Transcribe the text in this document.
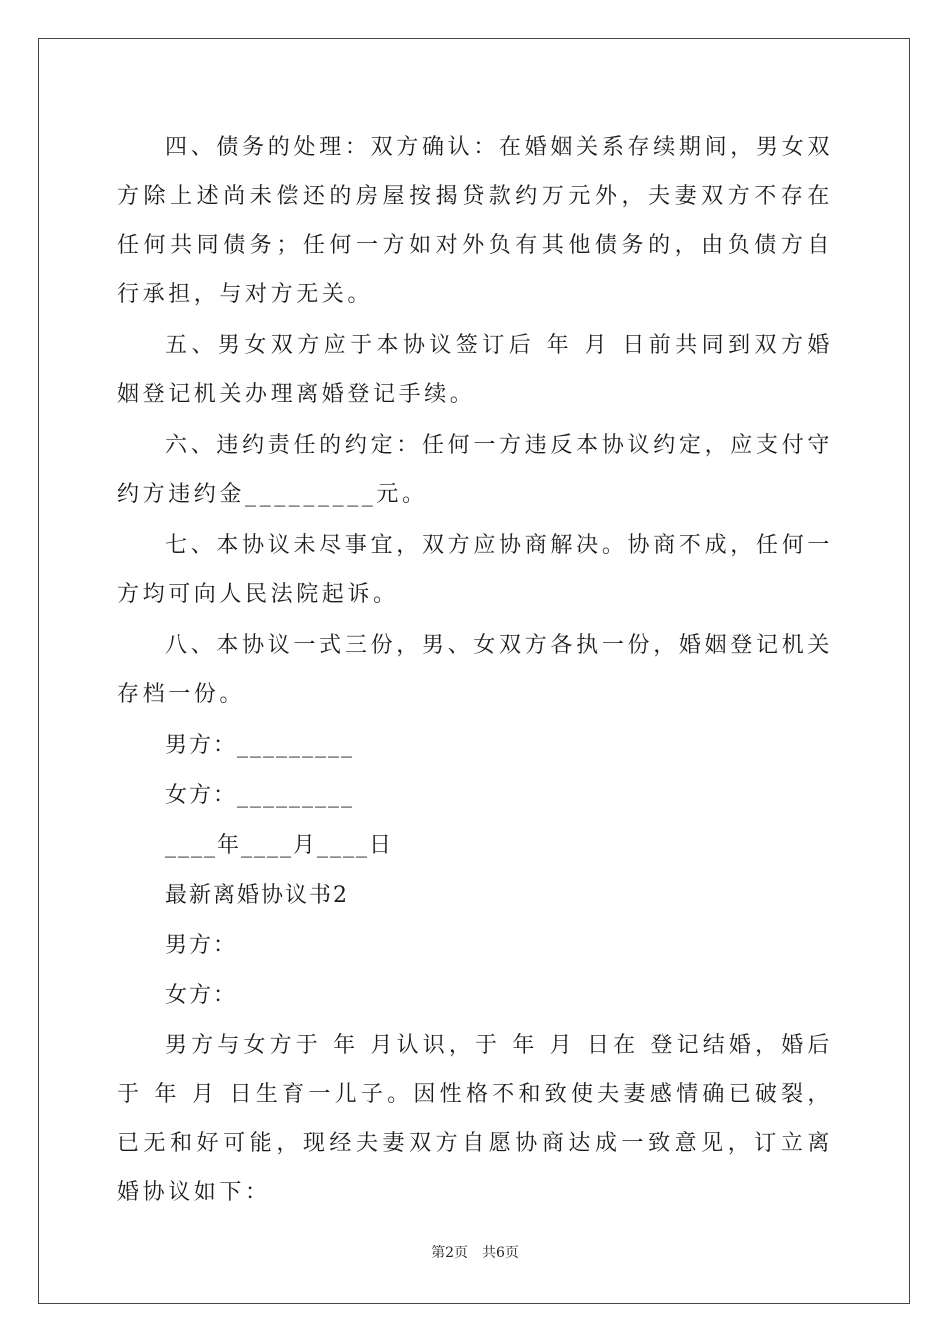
四、债务的处理：双方确认：在婚姻关系存续期间，男女双方除上述尚未偿还的房屋按揭贷款约万元外，夫妻双方不存在任何共同债务；任何一方如对外负有其他债务的，由负债方自行承担，与对方无关。

五、男女双方应于本协议签订后 年 月 日前共同到双方婚姻登记机关办理离婚登记手续。

六、违约责任的约定：任何一方违反本协议约定，应支付守约方违约金_________元。

七、本协议未尽事宜，双方应协商解决。协商不成，任何一方均可向人民法院起诉。

八、本协议一式三份，男、女双方各执一份，婚姻登记机关存档一份。

男方：_________
女方：_________
____年____月____日
最新离婚协议书2
男方：
女方：

男方与女方于 年 月认识，于 年 月 日在 登记结婚，婚后于 年 月 日生育一儿子。因性格不和致使夫妻感情确已破裂，已无和好可能，现经夫妻双方自愿协商达成一致意见，订立离婚协议如下：

第2页　共6页
